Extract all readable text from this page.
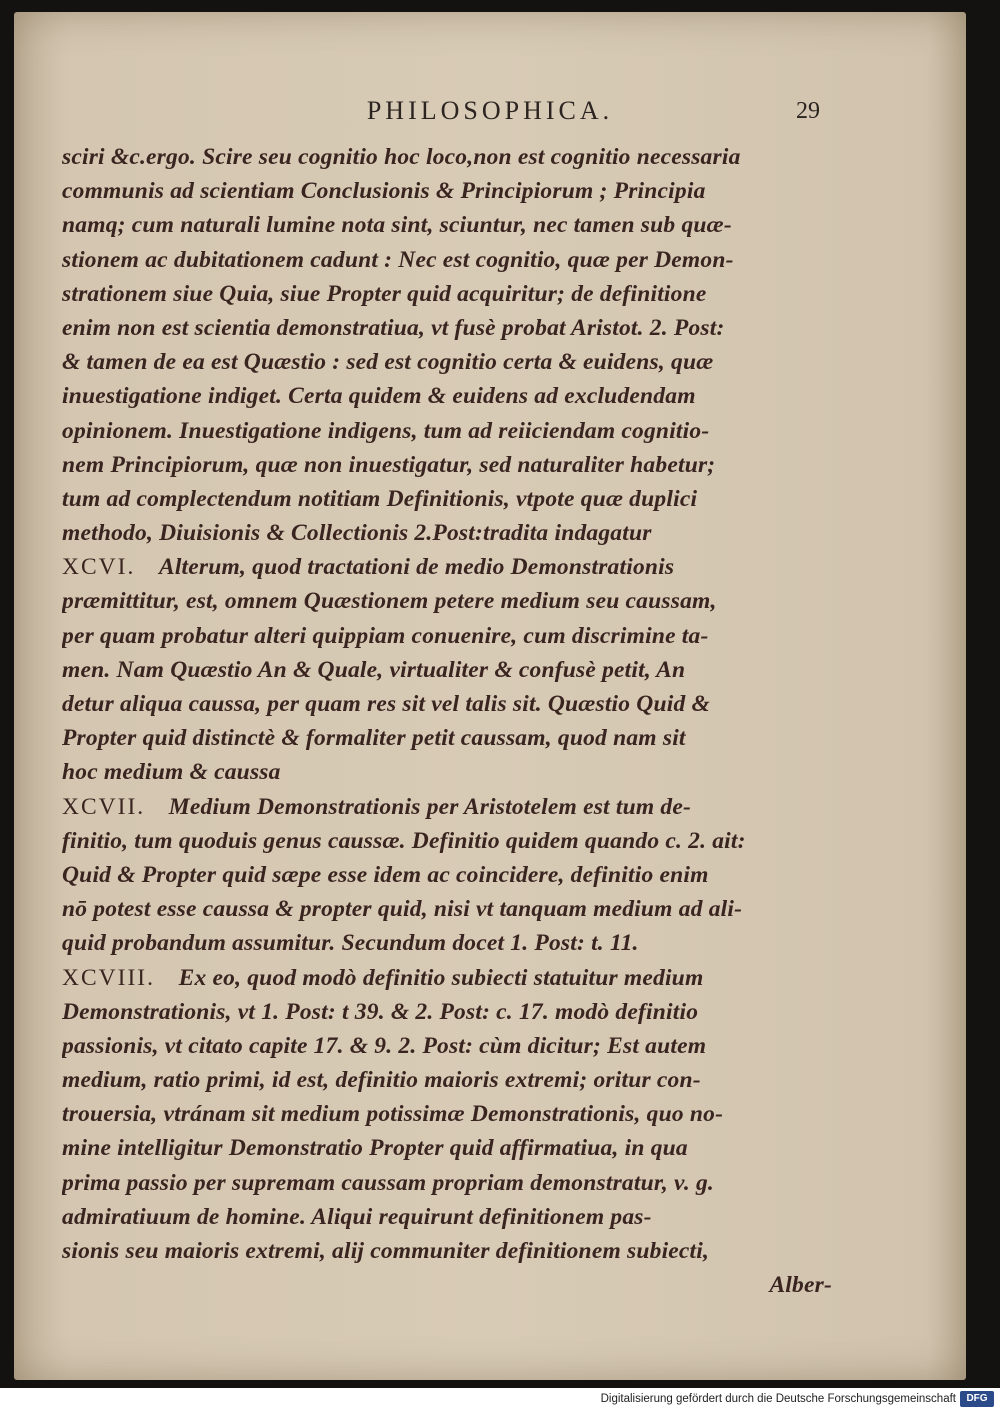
PHILOSOPHICA.	29
sciri &c.ergo. Scire seu cognitio hoc loco,non est cognitio necessaria
communis ad scientiam Conclusionis & Principiorum ; Principia
namq; cum naturali lumine nota sint, sciuntur, nec tamen sub quæ-
stionem ac dubitationem cadunt : Nec est cognitio, quæ per Demon-
strationem siue Quia, siue Propter quid acquiritur; de definitione
enim non est scientia demonstratiua, vt fusè probat Aristot. 2. Post:
& tamen de ea est Quæstio : sed est cognitio certa & euidens, quæ
inuestigatione indiget. Certa quidem & euidens ad excludendam
opinionem. Inuestigatione indigens, tum ad reiiciendam cognitio-
nem Principiorum, quæ non inuestigatur, sed naturaliter habetur;
tum ad complectendum notitiam Definitionis, vtpote quæ duplici
methodo, Diuisionis & Collectionis 2.Post:tradita indagatur
XCVI.   Alterum, quod tractationi de medio Demonstrationis
præmittitur, est, omnem Quæstionem petere medium seu caussam,
per quam probatur alteri quippiam conuenire, cum discrimine ta-
men. Nam Quæstio An & Quale, virtualiter & confusè petit, An
detur aliqua caussa, per quam res sit vel talis sit. Quæstio Quid &
Propter quid distinctè & formaliter petit caussam, quod nam sit
hoc medium & caussa
XCVII.   Medium Demonstrationis per Aristotelem est tum de-
finitio, tum quoduis genus caussæ. Definitio quidem quando c. 2. ait:
Quid & Propter quid sæpe esse idem ac coincidere, definitio enim
nō potest esse caussa & propter quid, nisi vt tanquam medium ad ali-
quid probandum assumitur. Secundum docet 1. Post: t. 11.
XCVIII.   Ex eo, quod modò definitio subiecti statuitur medium
Demonstrationis, vt 1. Post: t 39. & 2. Post: c. 17. modò definitio
passionis, vt citato capite 17. & 9. 2. Post: cùm dicitur; Est autem
medium, ratio primi, id est, definitio maioris extremi; oritur con-
trouersia, vtránam sit medium potissimæ Demonstrationis, quo no-
mine intelligitur Demonstratio Propter quid affirmatiua, in qua
prima passio per supremam caussam propriam demonstratur, v. g.
admiratiuum de homine. Aliqui requirunt definitionem pas-
sionis seu maioris extremi, alij communiter definitionem subiecti,
Alber-
Digitalisierung gefördert durch die Deutsche Forschungsgemeinschaft	DFG
